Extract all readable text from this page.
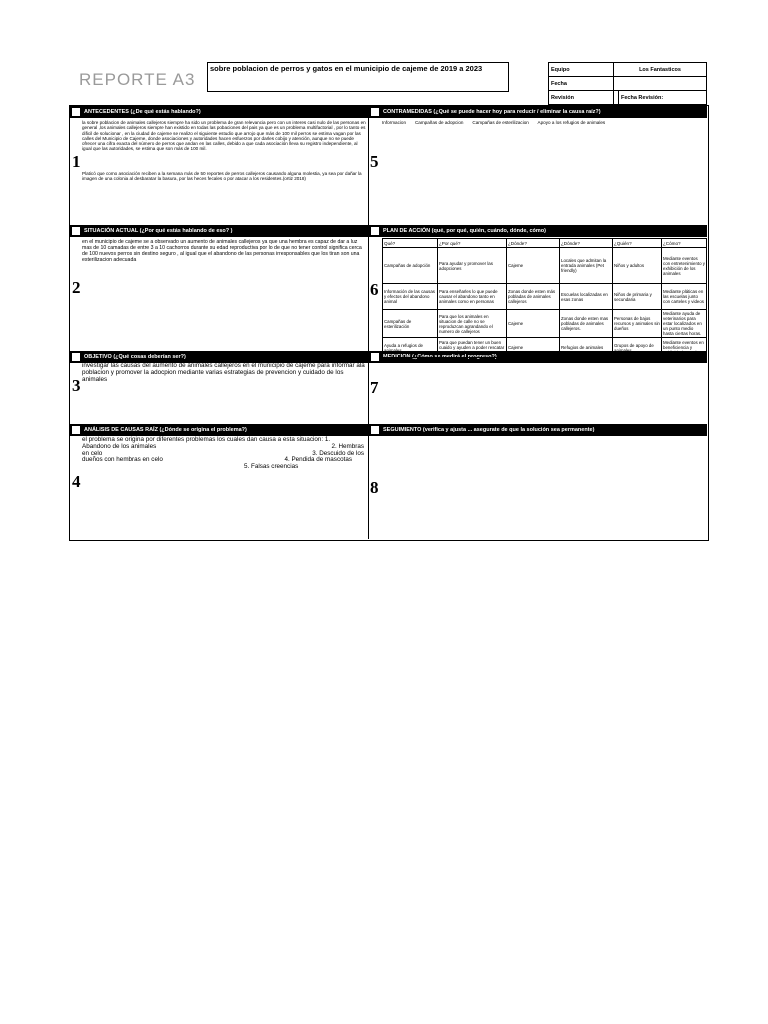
REPORTE A3
sobre poblacion de perros y gatos en el municipio de cajeme de 2019 a 2023	Equipo	Los Fantasticos	
Fecha		
Revisión		Fecha Revisión:
ANTECEDENTES (¿De qué estás hablando?)	CONTRAMEDIDAS (¿Qué se puede hacer hoy para reducir / eliminar la causa raíz?)
SITUACIÓN ACTUAL (¿Por qué estás hablando de eso? )	PLAN DE ACCIÓN (qué, por qué, quién, cuándo, dónde, cómo)
OBJETIVO (¿Qué cosas deberían ser?)	MEDICION (¿Cómo se medirá el progreso?)
ANÁLISIS DE CAUSAS RAÍZ (¿Dónde se origina el problema?)	SEGUIMIENTO (verifica y ajusta ... asegurate de que la solución sea permanente)
1
2
3
4
5
6
7
8
la sobre poblacion de animales callejeros siempre ha sido un problema de gran relevancia pero con un interes casi nulo de las personas en general ,los animales callejeros siempre han existido en todas las pobaciones del pais ya que es un problema multifactorial , por lo tanto es dificil de solucionar , en la ciudad de cajeme se realizo el siguiente estudio que arrojo que más de 100 mil perros se estima vagan por las calles del Municipio de Cajeme, donde asociaciones y autoridades hacen esfuerzos por darles cobijo y atención, aunque no se puede ofrecer una cifra exacta del número de perros que andan en las calles, debido a que cada asociación lleva su registro independiente, al igual que las autoridades, se estima que son más de 100 mil.
Platicó que como asociación reciben a la semana más de 50 reportes de perros callejeros causando alguna molestia, ya sea por dañar la imagen de una colonia al desbaratar la basura, por las heces fecales o por atacar a los residentes.(ortiz 2018)
Informacion Campañas de adopcion Campañas de esterilizacion Apoyo a los refugios de animales
en el municipio de cajeme se a observado un aumento de animales callejeros ya que una hembra es capaz de dar a luz mas de 10 camadas de entre 3 a 10 cachorros durante su edad reproductiva por lo de que no tener control significa cerca de 100 nuevos perros sin destino seguro , al igual que el abandono de las personas irresponsables que los tiran son una esterilizacion adecuada
investigar las causas del aumento de animales callejeros en el municipio de cajeme para informar ala poblacion y promover la adocpion mediante varias estrategias de prevencion y cuidado de los animales
el problema se origina por diferentes problemas los cuales dan causa a esta situacion: 1.
Abandono de los animales	2. Hembras
en celo	3. Descuido de los
dueños con hembras en celo	4. Pendida de mascotas
5. Falsas creencias
Qué?	¿Por qué?	¿Dónde?	¿Dónde?	¿Quién?	¿Cómo?
Campañas de adopción	Para ayudar y promover las adopciones	Cajeme	Locales que admitan la entrada animales (Pet friendly)	Niños y adultos	Mediante eventos con entretenimiento y exhibición de los animales
Información de las causas y efectos del abandono animal	Para enseñarles lo que puede causar el abandono tanto en animales como en personas	Zonas donde esten más pobladas de animales callejeros	Escuelas localizadas en esas zonas	Niños de primaria y secundaria	Mediante pláticas en las escuelas junto con carteles y videos
Campañas de esterilización	Para que los animales en situacion de calle no se reproduzcan agrandando el numero de callejeros	Cajeme	Zonas donde esten mas pobladas de animales callejeros.	Personas de bajos recursos y animales sin dueños	Mediante ayuda de veterinarios para estar localizados en un punto medio hasta ciertas horas.
Ayuda a refugios de animales	Para que puedan tener un buen cuaido y ayuden a poder rescatar a mas animales	Cajeme	Refugios de animales	Grupos de apoyo de animales	Mediante eventos en beneficiencia y publicidad en redes
